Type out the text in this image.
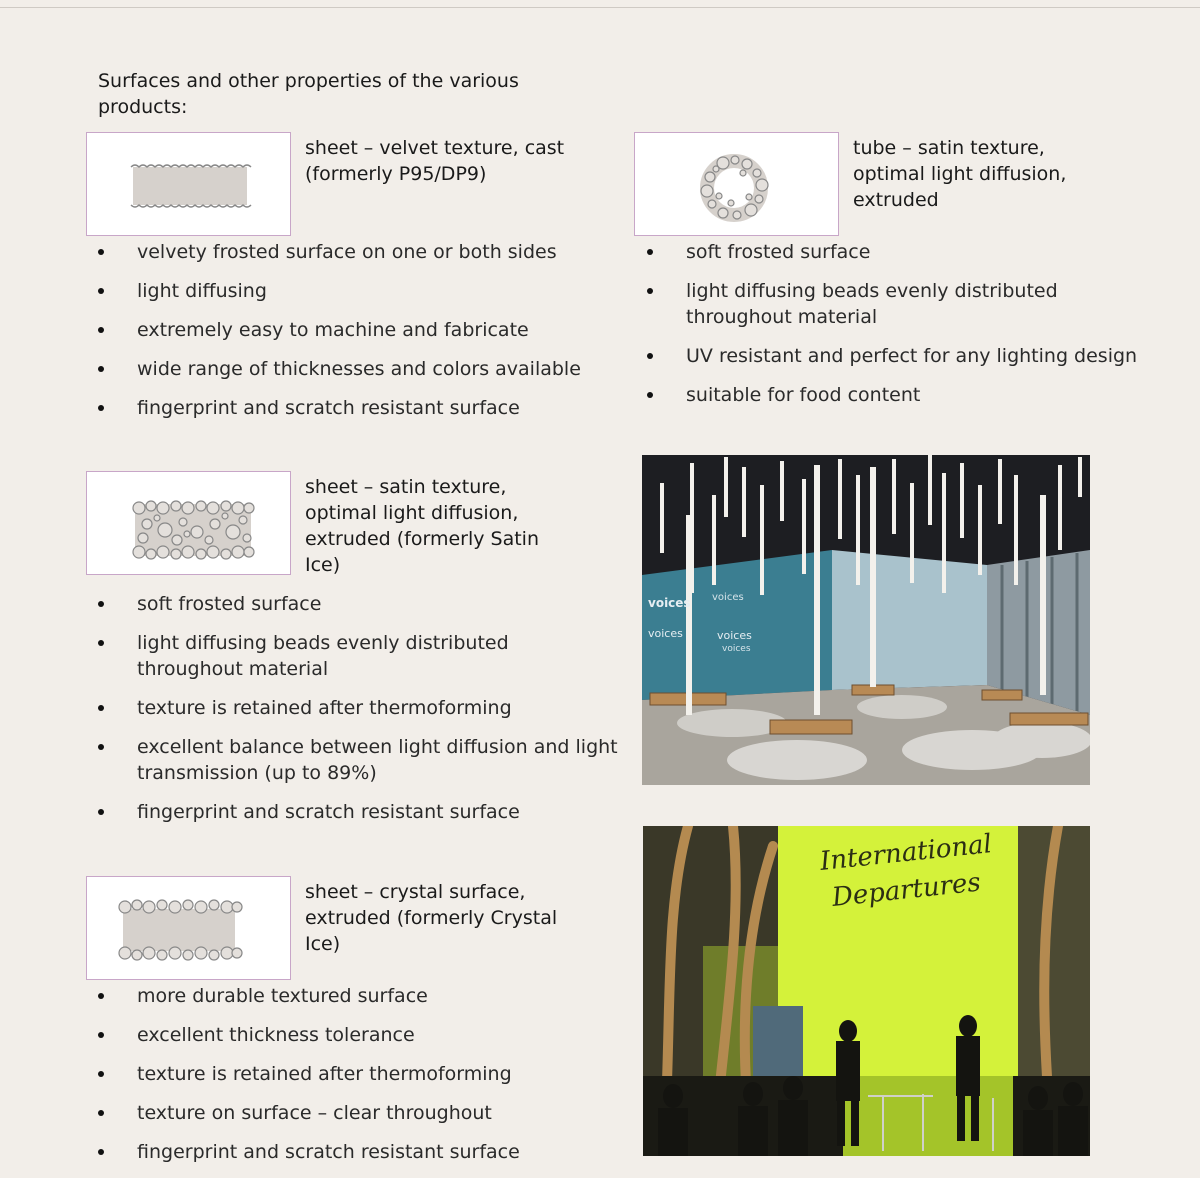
Surfaces and other properties of the various products:
sheet – velvet texture, cast (formerly P95/DP9)
velvety frosted surface on one or both sides
light diffusing
extremely easy to machine and fabricate
wide range of thicknesses and colors available
fingerprint and scratch resistant surface
tube – satin texture, optimal light diffusion, extruded
soft frosted surface
light diffusing beads evenly distributed throughout material
UV resistant and perfect for any lighting design
suitable for food content
sheet – satin texture, optimal light diffusion, extruded (formerly Satin Ice)
soft frosted surface
light diffusing beads evenly distributed throughout material
texture is retained after thermoforming
excellent balance between light diffusion and light transmission (up to 89%)
fingerprint and scratch resistant surface
sheet – crystal surface, extruded (formerly Crystal Ice)
more durable textured surface
excellent thickness tolerance
texture is retained after thermoforming
texture on surface – clear throughout
fingerprint and scratch resistant surface
voices voices
voices
voices
voices
International
Departures
